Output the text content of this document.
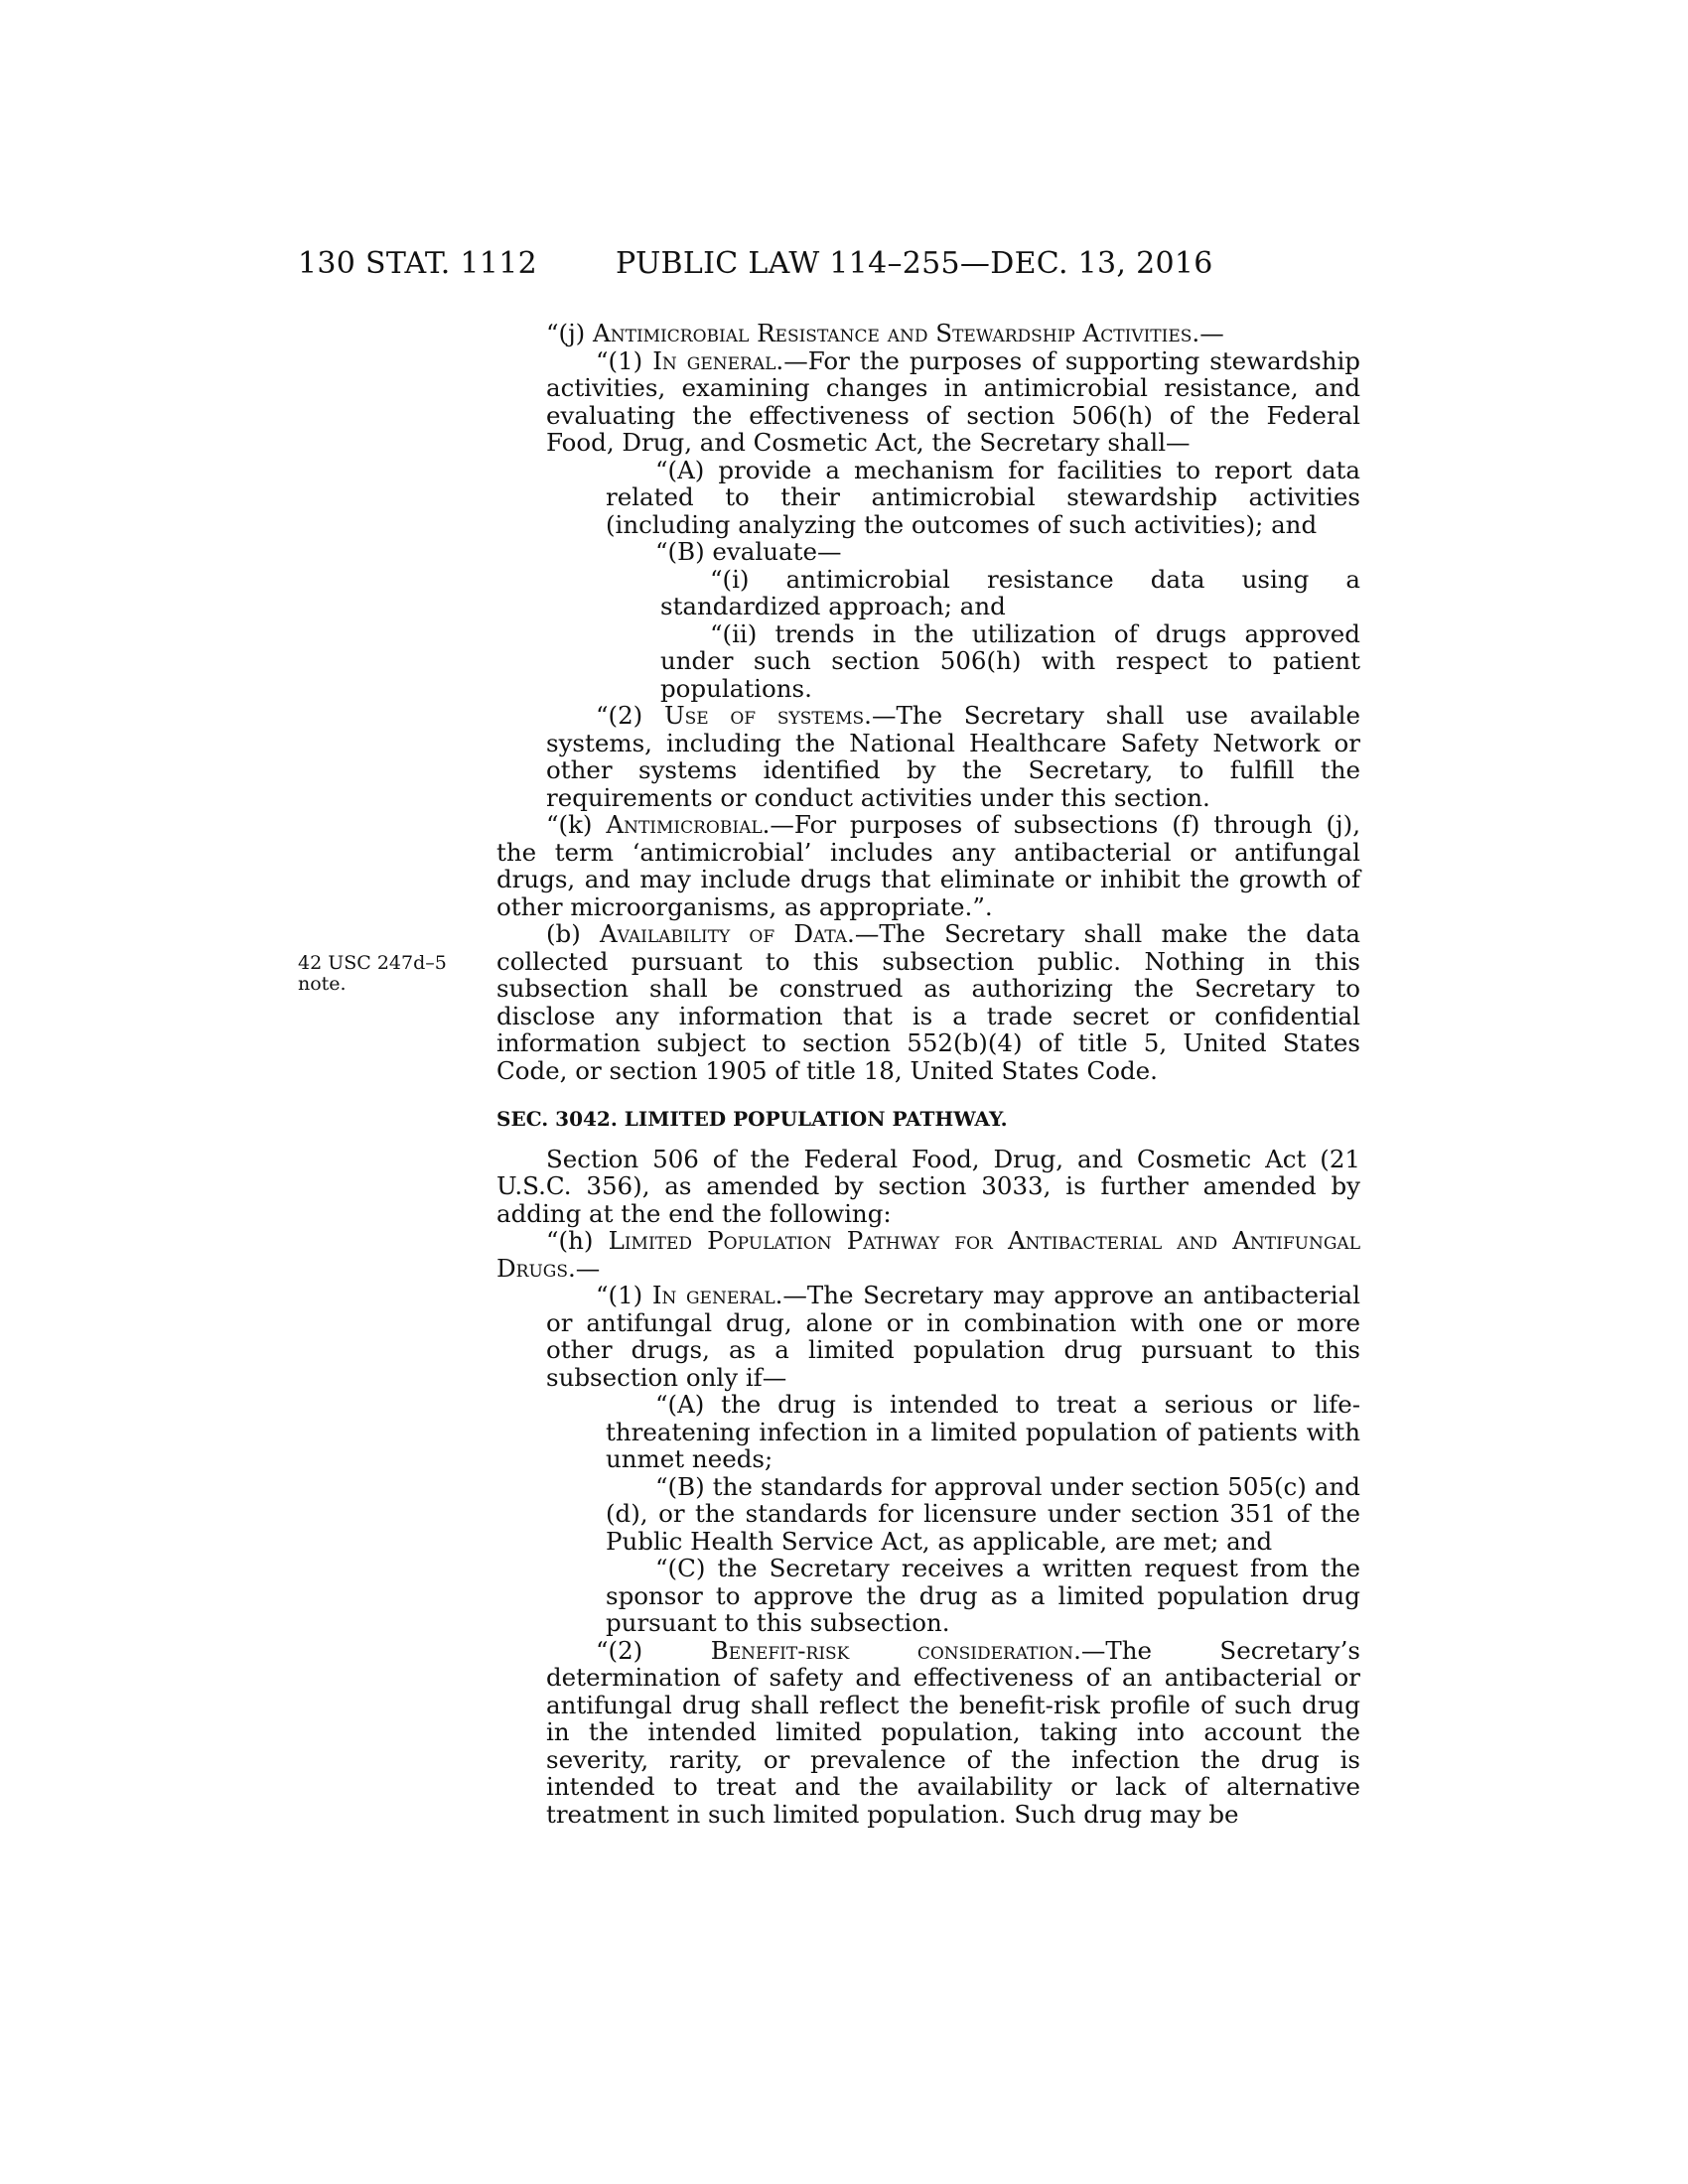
130 STAT. 1112	PUBLIC LAW 114–255—DEC. 13, 2016
42 USC 247d–5
note.

“(j) Antimicrobial Resistance and Stewardship Activities.—

“(1) In general.—For the purposes of supporting stewardship activities, examining changes in antimicrobial resistance, and evaluating the effectiveness of section 506(h) of the Federal Food, Drug, and Cosmetic Act, the Secretary shall—

“(A) provide a mechanism for facilities to report data related to their antimicrobial stewardship activities (including analyzing the outcomes of such activities); and

“(B) evaluate—

“(i) antimicrobial resistance data using a standardized approach; and

“(ii) trends in the utilization of drugs approved under such section 506(h) with respect to patient populations.

“(2) Use of systems.—The Secretary shall use available systems, including the National Healthcare Safety Network or other systems identified by the Secretary, to fulfill the requirements or conduct activities under this section.

“(k) Antimicrobial.—For purposes of subsections (f) through (j), the term ‘antimicrobial’ includes any antibacterial or antifungal drugs, and may include drugs that eliminate or inhibit the growth of other microorganisms, as appropriate.”.

(b) Availability of Data.—The Secretary shall make the data collected pursuant to this subsection public. Nothing in this subsection shall be construed as authorizing the Secretary to disclose any information that is a trade secret or confidential information subject to section 552(b)(4) of title 5, United States Code, or section 1905 of title 18, United States Code.

SEC. 3042. LIMITED POPULATION PATHWAY.

Section 506 of the Federal Food, Drug, and Cosmetic Act (21 U.S.C. 356), as amended by section 3033, is further amended by adding at the end the following:

“(h) Limited Population Pathway for Antibacterial and Antifungal Drugs.—

“(1) In general.—The Secretary may approve an antibacterial or antifungal drug, alone or in combination with one or more other drugs, as a limited population drug pursuant to this subsection only if—

“(A) the drug is intended to treat a serious or life-threatening infection in a limited population of patients with unmet needs;

“(B) the standards for approval under section 505(c) and (d), or the standards for licensure under section 351 of the Public Health Service Act, as applicable, are met; and

“(C) the Secretary receives a written request from the sponsor to approve the drug as a limited population drug pursuant to this subsection.

“(2) Benefit-risk consideration.—The Secretary’s determination of safety and effectiveness of an antibacterial or antifungal drug shall reflect the benefit-risk profile of such drug in the intended limited population, taking into account the severity, rarity, or prevalence of the infection the drug is intended to treat and the availability or lack of alternative treatment in such limited population. Such drug may be
